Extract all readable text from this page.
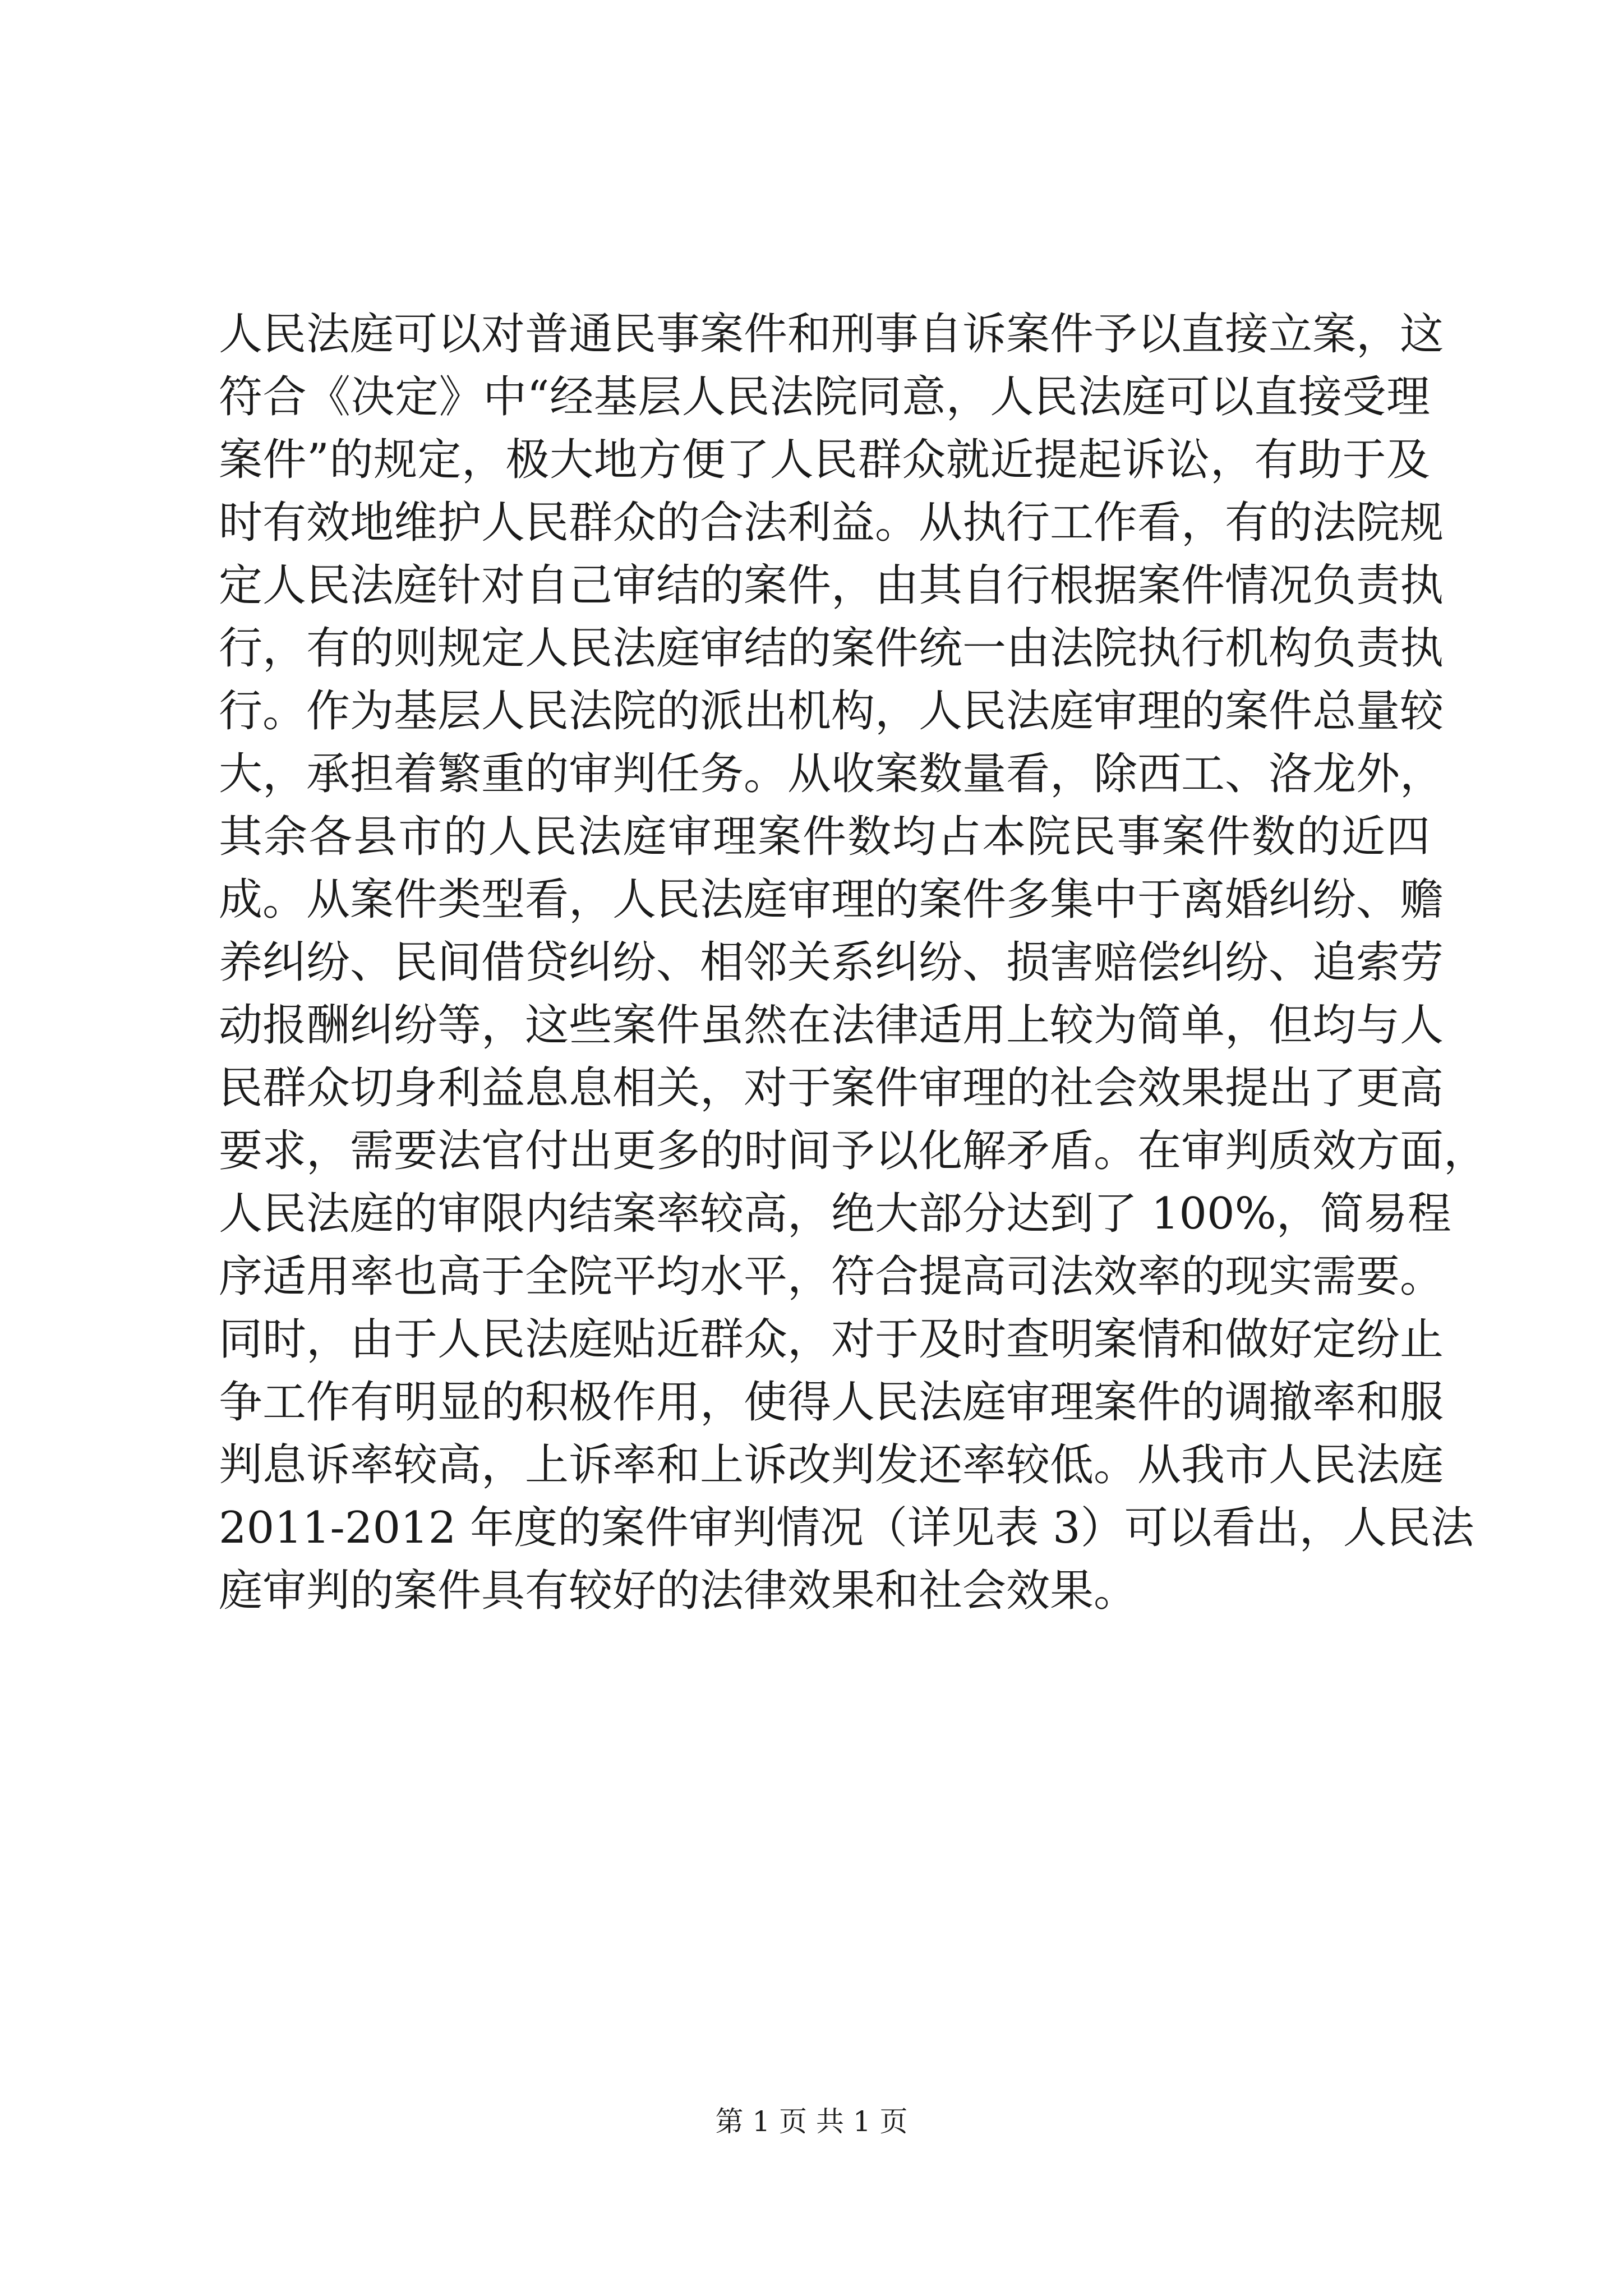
人民法庭可以对普通民事案件和刑事自诉案件予以直接立案，这
符合《决定》中“经基层人民法院同意，人民法庭可以直接受理
案件”的规定，极大地方便了人民群众就近提起诉讼，有助于及
时有效地维护人民群众的合法利益。从执行工作看，有的法院规
定人民法庭针对自己审结的案件，由其自行根据案件情况负责执
行，有的则规定人民法庭审结的案件统一由法院执行机构负责执
行。作为基层人民法院的派出机构，人民法庭审理的案件总量较
大，承担着繁重的审判任务。从收案数量看，除西工、洛龙外，
其余各县市的人民法庭审理案件数均占本院民事案件数的近四
成。从案件类型看，人民法庭审理的案件多集中于离婚纠纷、赡
养纠纷、民间借贷纠纷、相邻关系纠纷、损害赔偿纠纷、追索劳
动报酬纠纷等，这些案件虽然在法律适用上较为简单，但均与人
民群众切身利益息息相关，对于案件审理的社会效果提出了更高
要求，需要法官付出更多的时间予以化解矛盾。在审判质效方面，
人民法庭的审限内结案率较高，绝大部分达到了 100%，简易程
序适用率也高于全院平均水平，符合提高司法效率的现实需要。
同时，由于人民法庭贴近群众，对于及时查明案情和做好定纷止
争工作有明显的积极作用，使得人民法庭审理案件的调撤率和服
判息诉率较高，上诉率和上诉改判发还率较低。从我市人民法庭
2011-2012 年度的案件审判情况（详见表 3）可以看出，人民法
庭审判的案件具有较好的法律效果和社会效果。
第 1 页 共 1 页
